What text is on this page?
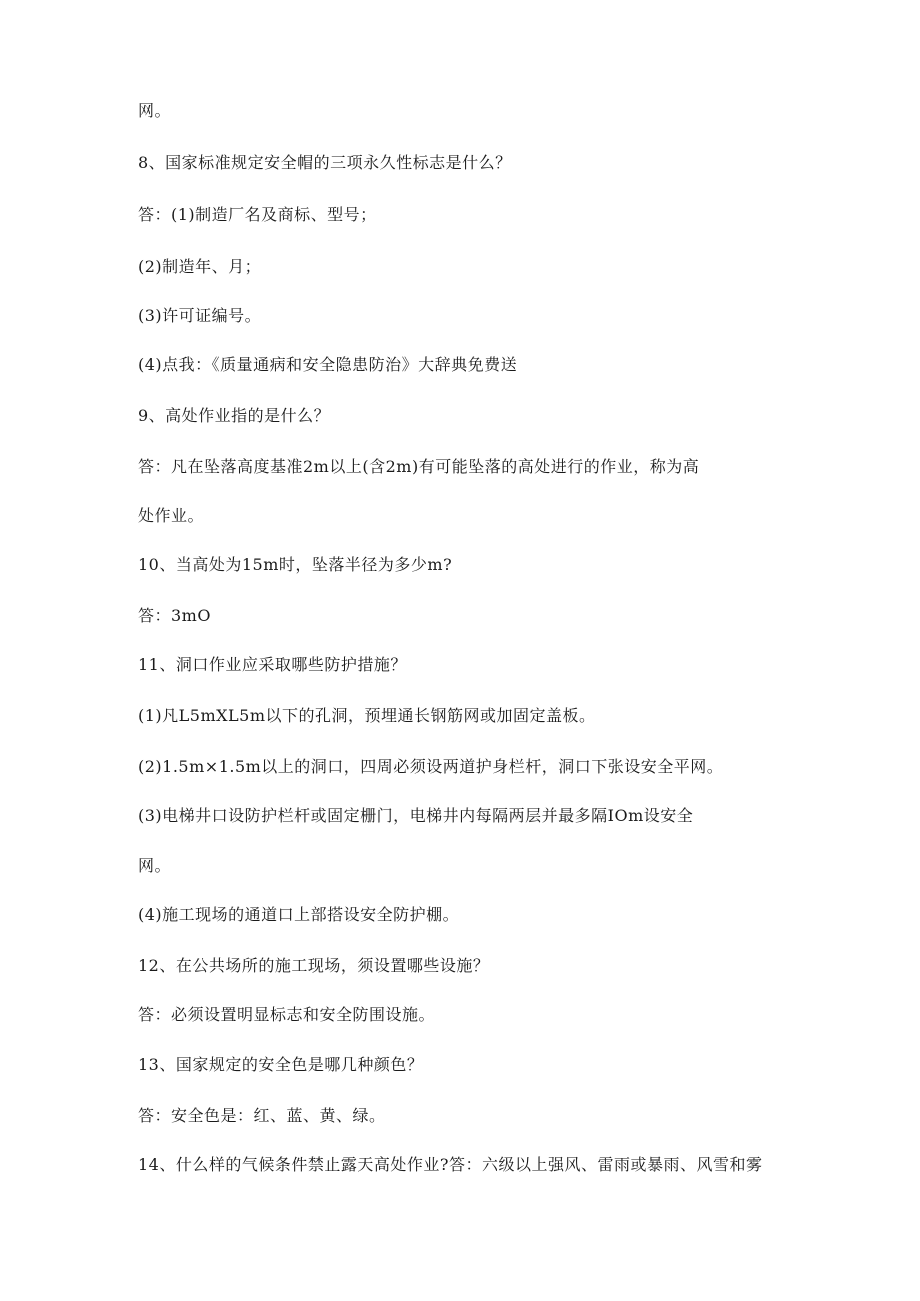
网。
8、国家标准规定安全帽的三项永久性标志是什么？
答：(1)制造厂名及商标、型号；
(2)制造年、月；
(3)许可证编号。
(4)点我：《质量通病和安全隐患防治》大辞典免费送
9、高处作业指的是什么？
答：凡在坠落高度基准2m以上(含2m)有可能坠落的高处进行的作业，称为高
处作业。
10、当高处为15m时，坠落半径为多少m?
答：3mO
11、洞口作业应采取哪些防护措施？
(1)凡L5mXL5m以下的孔洞，预埋通长钢筋网或加固定盖板。
(2)1.5m×1.5m以上的洞口，四周必须设两道护身栏杆，洞口下张设安全平网。
(3)电梯井口设防护栏杆或固定栅门，电梯井内每隔两层并最多隔IOm设安全
网。
(4)施工现场的通道口上部搭设安全防护棚。
12、在公共场所的施工现场，须设置哪些设施？
答：必须设置明显标志和安全防围设施。
13、国家规定的安全色是哪几种颜色？
答：安全色是：红、蓝、黄、绿。
14、什么样的气候条件禁止露天高处作业?答：六级以上强风、雷雨或暴雨、风雪和雾
